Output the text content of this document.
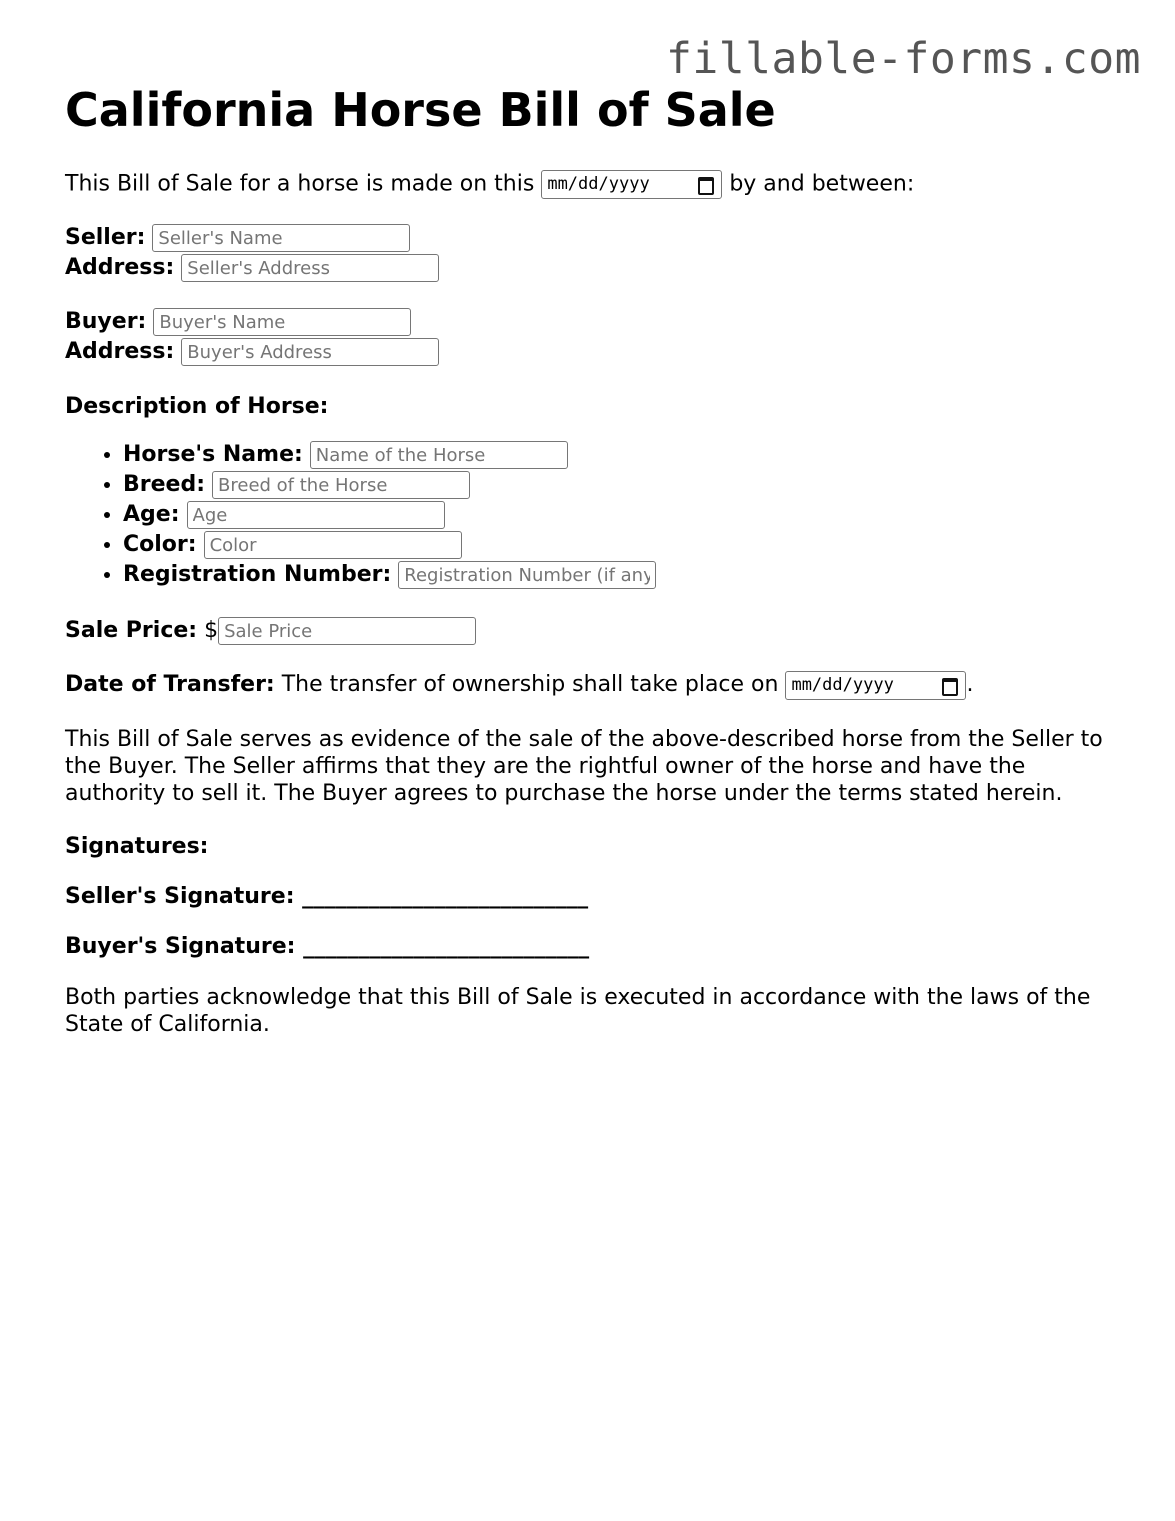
fillable-forms.com
California Horse Bill of Sale

This Bill of Sale for a horse is made on this mm/dd/yyyy	by and between:

Seller: Seller's Name
Address: Seller's Address
Buyer: Buyer's Name
Address: Buyer's Address

Description of Horse:

• Horse's Name: Name of the Horse
• Breed: Breed of the Horse
• Age: Age
• Color: Color
• Registration Number: Registration Number (if any)

Sale Price: $Sale Price

Date of Transfer: The transfer of ownership shall take place on mm/dd/yyyy	.

This Bill of Sale serves as evidence of the sale of the above-described horse from the Seller to the Buyer. The Seller affirms that they are the rightful owner of the horse and have the authority to sell it. The Buyer agrees to purchase the horse under the terms stated herein.

Signatures:

Seller's Signature: __________________________

Buyer's Signature: __________________________

Both parties acknowledge that this Bill of Sale is executed in accordance with the laws of the State of California.
